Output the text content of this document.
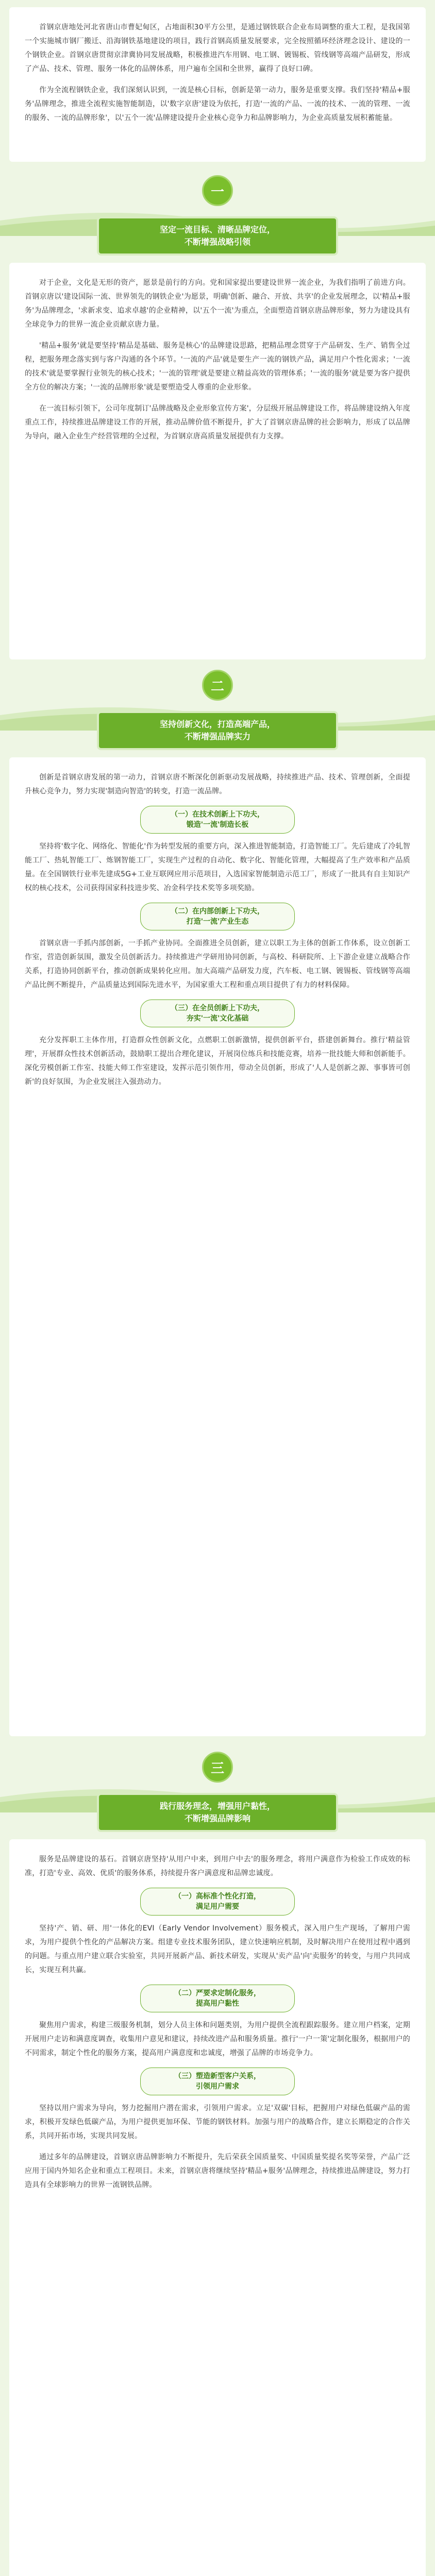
首钢京唐地处河北省唐山市曹妃甸区，占地面积30平方公里，是通过钢铁联合企业布局调整的重大工程，是我国第一个实施城市钢厂搬迁、沿海钢铁基地建设的项目，践行首钢高质量发展要求，完全按照循环经济理念设计、建设的一个钢铁企业。首钢京唐贯彻京津冀协同发展战略，积极推进汽车用钢、电工钢、镀锡板、管线钢等高端产品研发，形成了产品、技术、管理、服务一体化的品牌体系，用户遍布全国和全世界，赢得了良好口碑。

作为全流程钢铁企业，我们深刻认识到，一流是核心目标，创新是第一动力，服务是重要支撑。我们坚持'精品+服务'品牌理念，推进全流程实施智能制造，以'数字京唐'建设为依托，打造'一流的产品、一流的技术、一流的管理、一流的服务、一流的品牌形象'，以'五个一流'品牌建设提升企业核心竞争力和品牌影响力，为企业高质量发展积蓄能量。

一
坚定一流目标、清晰品牌定位，
不断增强战略引领

对于企业，文化是无形的资产，愿景是前行的方向。党和国家提出要建设世界一流企业，为我们指明了前进方向。首钢京唐以'建设国际一流、世界领先的钢铁企业'为愿景，明确'创新、融合、开放、共享'的企业发展理念，以'精品+服务'为品牌理念，'求新求变、追求卓越'的企业精神，以'五个一流'为重点，全面塑造首钢京唐品牌形象，努力为建设具有全球竞争力的世界一流企业贡献京唐力量。

'精品+服务'就是要坚持'精品是基础、服务是核心'的品牌建设思路，把精品理念贯穿于产品研发、生产、销售全过程，把服务理念落实到与客户沟通的各个环节。'一流的产品'就是要生产一流的钢铁产品，满足用户个性化需求；'一流的技术'就是要掌握行业领先的核心技术；'一流的管理'就是要建立精益高效的管理体系；'一流的服务'就是要为客户提供全方位的解决方案；'一流的品牌形象'就是要塑造受人尊重的企业形象。

在一流目标引领下，公司年度制订'品牌战略及企业形象宣传方案'，分层级开展品牌建设工作，将品牌建设纳入年度重点工作，持续推进品牌建设工作的开展，推动品牌价值不断提升，扩大了首钢京唐品牌的社会影响力，形成了以品牌为导向，融入企业生产经营管理的全过程，为首钢京唐高质量发展提供有力支撑。

二
坚持创新文化，打造高端产品，
不断增强品牌实力

创新是首钢京唐发展的第一动力，首钢京唐不断深化创新驱动发展战略，持续推进产品、技术、管理创新，全面提升核心竞争力，努力实现'制造向智造'的转变，打造一流品牌。

（一）在技术创新上下功夫，
锻造'一流'制造长板

坚持将'数字化、网络化、智能化'作为转型发展的重要方向，深入推进智能制造，打造智能工厂。先后建成了冷轧智能工厂、热轧智能工厂、炼钢智能工厂，实现生产过程的自动化、数字化、智能化管理，大幅提高了生产效率和产品质量。在全国钢铁行业率先建成5G+工业互联网应用示范项目，入选国家智能制造示范工厂，形成了一批具有自主知识产权的核心技术，公司获得国家科技进步奖、冶金科学技术奖等多项奖励。

（二）在内部创新上下功夫，
打造'一流'产业生态

首钢京唐一手抓内部创新，一手抓产业协同。全面推进全员创新，建立以职工为主体的创新工作体系，设立创新工作室，营造创新氛围，激发全员创新活力。持续推进产学研用协同创新，与高校、科研院所、上下游企业建立战略合作关系，打造协同创新平台，推动创新成果转化应用。加大高端产品研发力度，汽车板、电工钢、镀锡板、管线钢等高端产品比例不断提升，产品质量达到国际先进水平，为国家重大工程和重点项目提供了有力的材料保障。

（三）在全员创新上下功夫，
夯实'一流'文化基础

充分发挥职工主体作用，打造群众性创新文化，点燃职工创新激情，提供创新平台，搭建创新舞台。推行'精益管理'，开展群众性技术创新活动，鼓励职工提出合理化建议，开展岗位练兵和技能竞赛，培养一批技能大师和创新能手。深化劳模创新工作室、技能大师工作室建设，发挥示范引领作用，带动全员创新，形成了'人人是创新之源、事事皆可创新'的良好氛围，为企业发展注入强劲动力。

三
践行服务理念，增强用户黏性，
不断增强品牌影响

服务是品牌建设的基石。首钢京唐坚持'从用户中来，到用户中去'的服务理念，将用户满意作为检验工作成效的标准，打造'专业、高效、优质'的服务体系，持续提升客户满意度和品牌忠诚度。

（一）高标准个性化打造，
满足用户需要

坚持'产、销、研、用'一体化的EVI（Early Vendor Involvement）服务模式，深入用户生产现场，了解用户需求，为用户提供个性化的产品解决方案。组建专业技术服务团队，建立快速响应机制，及时解决用户在使用过程中遇到的问题。与重点用户建立联合实验室，共同开展新产品、新技术研发，实现从'卖产品'向'卖服务'的转变，与用户共同成长，实现互利共赢。

（二）严要求定制化服务，
提高用户黏性

聚焦用户需求，构建三级服务机制，划分人员主体和问题类别，为用户提供全流程跟踪服务。建立用户档案，定期开展用户走访和满意度调查，收集用户意见和建议，持续改进产品和服务质量。推行'一户一策'定制化服务，根据用户的不同需求，制定个性化的服务方案，提高用户满意度和忠诚度，增强了品牌的市场竞争力。

（三）塑造新型客户关系，
引领用户需求

坚持以用户需求为导向，努力挖掘用户潜在需求，引领用户需求。立足'双碳'目标，把握用户对绿色低碳产品的需求，积极开发绿色低碳产品，为用户提供更加环保、节能的钢铁材料。加强与用户的战略合作，建立长期稳定的合作关系，共同开拓市场，实现共同发展。

通过多年的品牌建设，首钢京唐品牌影响力不断提升，先后荣获全国质量奖、中国质量奖提名奖等荣誉，产品广泛应用于国内外知名企业和重点工程项目。未来，首钢京唐将继续坚持'精品+服务'品牌理念，持续推进品牌建设，努力打造具有全球影响力的世界一流钢铁品牌。
